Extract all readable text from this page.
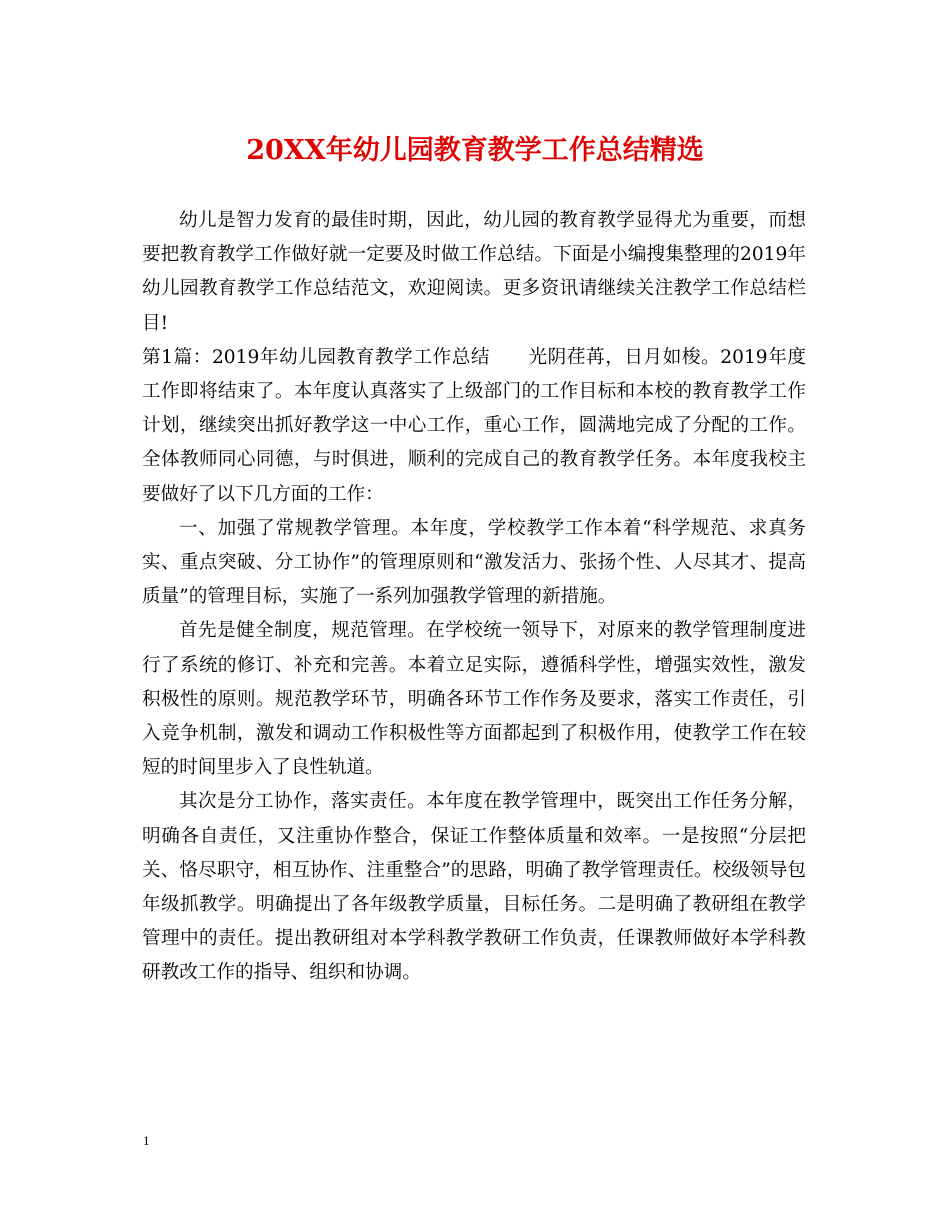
20XX年幼儿园教育教学工作总结精选

幼儿是智力发育的最佳时期，因此，幼儿园的教育教学显得尤为重要，而想要把教育教学工作做好就一定要及时做工作总结。下面是小编搜集整理的2019年幼儿园教育教学工作总结范文，欢迎阅读。更多资讯请继续关注教学工作总结栏目!

第1篇：2019年幼儿园教育教学工作总结　　光阴荏苒，日月如梭。2019年度工作即将结束了。本年度认真落实了上级部门的工作目标和本校的教育教学工作计划，继续突出抓好教学这一中心工作，重心工作，圆满地完成了分配的工作。全体教师同心同德，与时俱进，顺利的完成自己的教育教学任务。本年度我校主要做好了以下几方面的工作：

一、加强了常规教学管理。本年度，学校教学工作本着“科学规范、求真务实、重点突破、分工协作”的管理原则和“激发活力、张扬个性、人尽其才、提高质量”的管理目标，实施了一系列加强教学管理的新措施。

首先是健全制度，规范管理。在学校统一领导下，对原来的教学管理制度进行了系统的修订、补充和完善。本着立足实际，遵循科学性，增强实效性，激发积极性的原则。规范教学环节，明确各环节工作作务及要求，落实工作责任，引入竞争机制，激发和调动工作积极性等方面都起到了积极作用，使教学工作在较短的时间里步入了良性轨道。

其次是分工协作，落实责任。本年度在教学管理中，既突出工作任务分解，明确各自责任，又注重协作整合，保证工作整体质量和效率。一是按照“分层把关、恪尽职守，相互协作、注重整合”的思路，明确了教学管理责任。校级领导包年级抓教学。明确提出了各年级教学质量，目标任务。二是明确了教研组在教学管理中的责任。提出教研组对本学科教学教研工作负责，任课教师做好本学科教研教改工作的指导、组织和协调。

1
